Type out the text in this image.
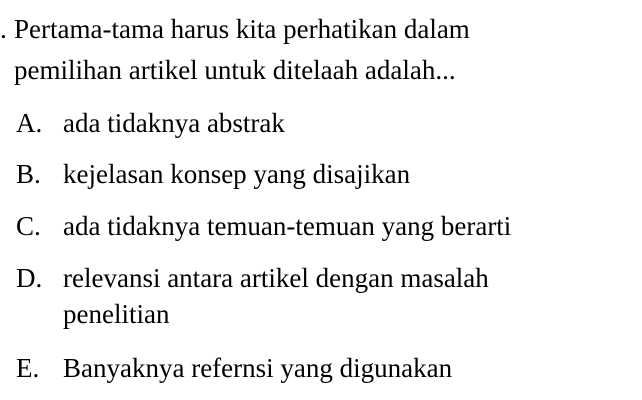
. Pertama-tama harus kita perhatikan dalam
pemilihan artikel untuk ditelaah adalah...
A. ada tidaknya abstrak
B. kejelasan konsep yang disajikan
C. ada tidaknya temuan-temuan yang berarti
D. relevansi antara artikel dengan masalah
penelitian
E. Banyaknya refernsi yang digunakan
